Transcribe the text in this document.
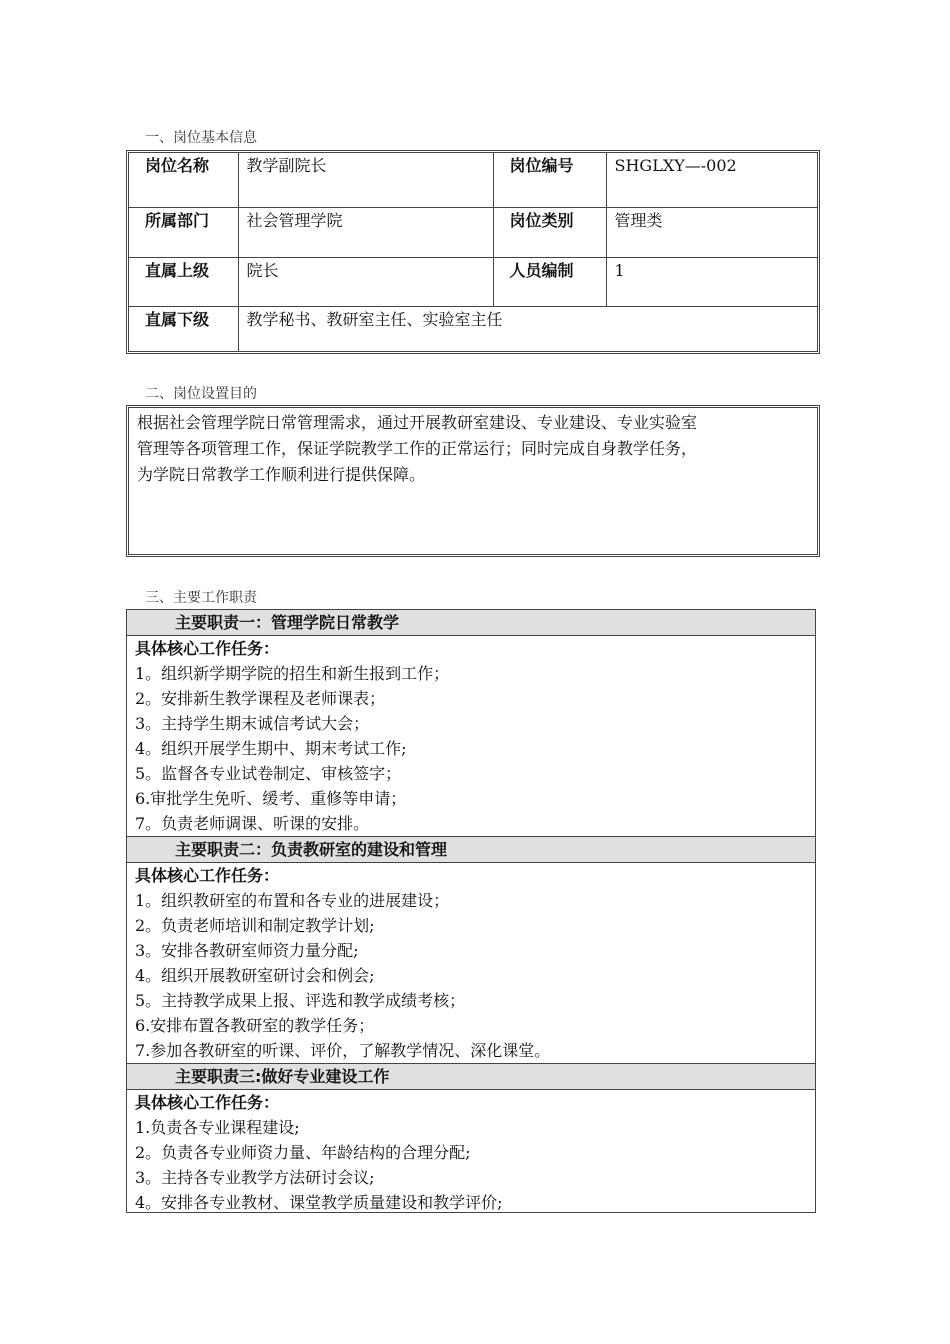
一、岗位基本信息
岗位名称	教学副院长	岗位编号	SHGLXY—-002
所属部门	社会管理学院	岗位类别	管理类
直属上级	院长	人员编制	1
直属下级	教学秘书、教研室主任、实验室主任		
二、岗位设置目的
根据社会管理学院日常管理需求，通过开展教研室建设、专业建设、专业实验室
管理等各项管理工作，保证学院教学工作的正常运行；同时完成自身教学任务，
为学院日常教学工作顺利进行提供保障。
三、主要工作职责
主要职责一：管理学院日常教学
具体核心工作任务：
1。组织新学期学院的招生和新生报到工作；
2。安排新生教学课程及老师课表；
3。主持学生期末诚信考试大会；
4。组织开展学生期中、期末考试工作;
5。监督各专业试卷制定、审核签字；
6.审批学生免听、缓考、重修等申请；
7。负责老师调课、听课的安排。
主要职责二：负责教研室的建设和管理
具体核心工作任务：
1。组织教研室的布置和各专业的进展建设；
2。负责老师培训和制定教学计划;
3。安排各教研室师资力量分配;
4。组织开展教研室研讨会和例会;
5。主持教学成果上报、评选和教学成绩考核；
6.安排布置各教研室的教学任务；
7.参加各教研室的听课、评价，了解教学情况、深化课堂。
主要职责三:做好专业建设工作
具体核心工作任务：
1.负责各专业课程建设;
2。负责各专业师资力量、年龄结构的合理分配;
3。主持各专业教学方法研讨会议;
4。安排各专业教材、课堂教学质量建设和教学评价;
